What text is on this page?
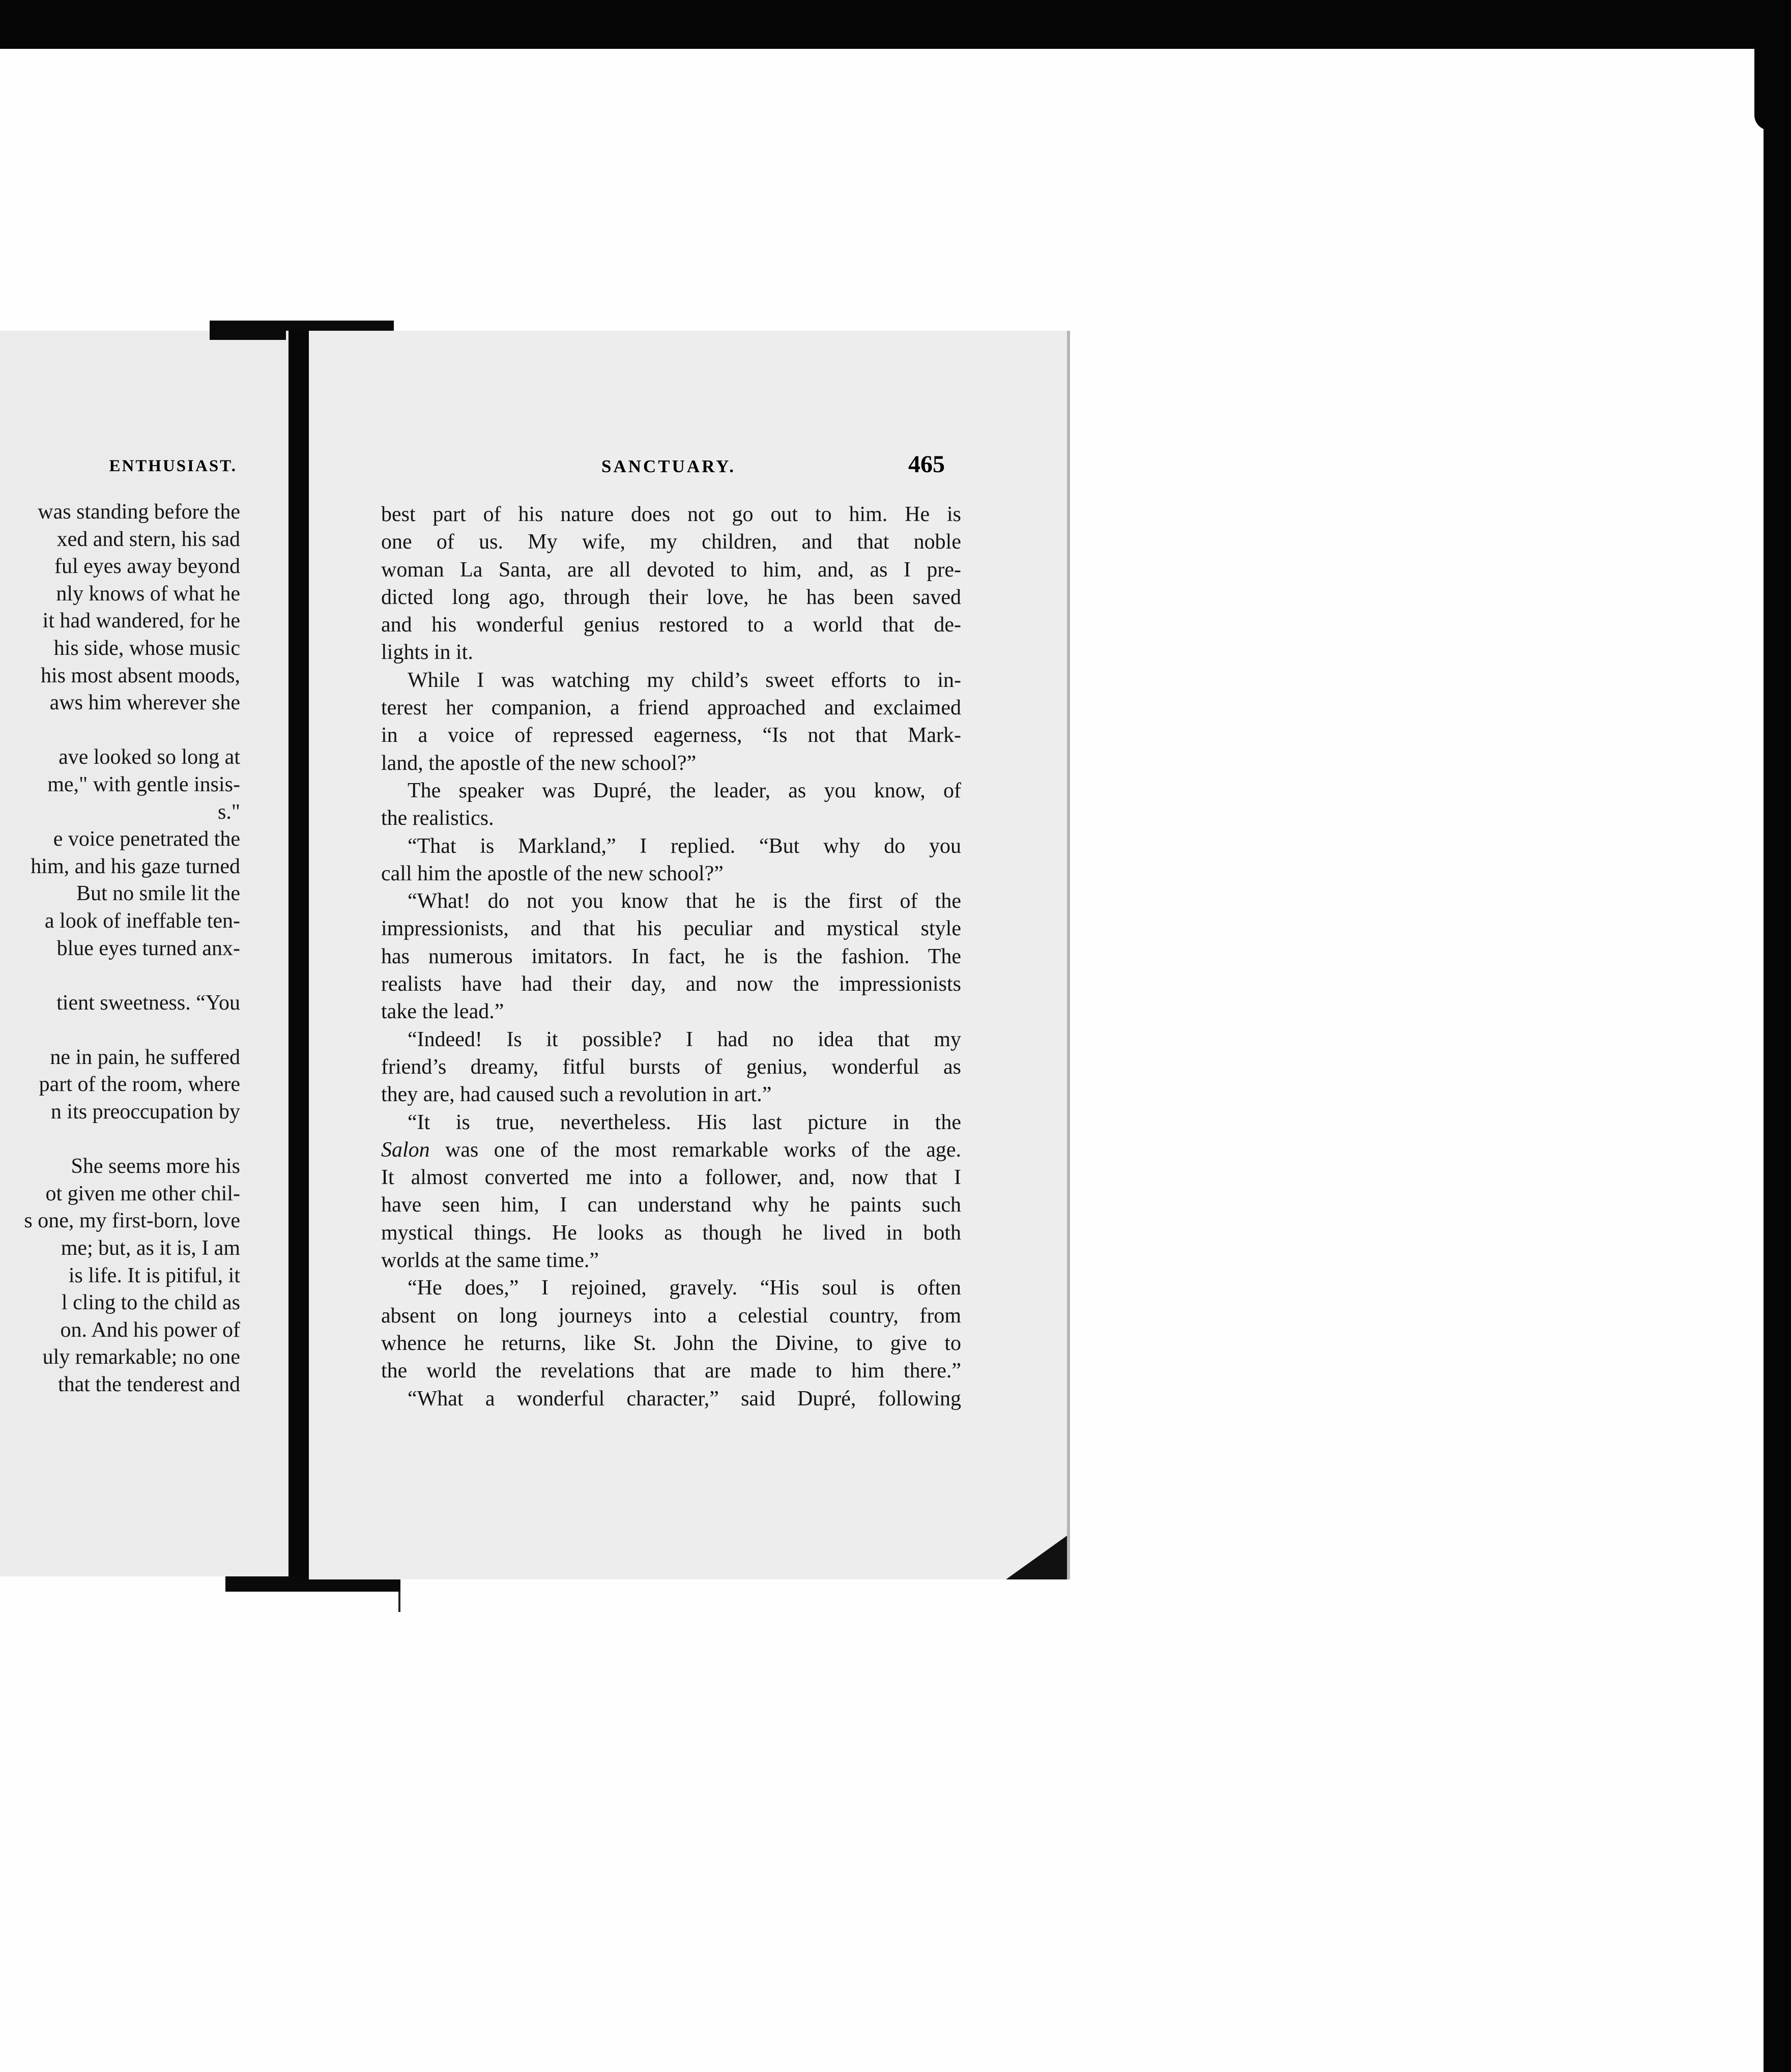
ENTHUSIAST.
was standing before the
xed and stern, his sad
ful eyes away beyond
nly knows of what he
it had wandered, for he
his side, whose music
his most absent moods,
aws him wherever she
ave looked so long at
me," with gentle insis-
s."
e voice penetrated the
him, and his gaze turned
But no smile lit the
a look of ineffable ten-
blue eyes turned anx-
tient sweetness. “You
ne in pain, he suffered
part of the room, where
n its preoccupation by
She seems more his
ot given me other chil-
s one, my first-born, love
me; but, as it is, I am
is life. It is pitiful, it
l cling to the child as
on. And his power of
uly remarkable; no one
that the tenderest and
SANCTUARY.	465
best part of his nature does not go out to him. He is
one of us. My wife, my children, and that noble
woman La Santa, are all devoted to him, and, as I pre-
dicted long ago, through their love, he has been saved
and his wonderful genius restored to a world that de-
lights in it.
While I was watching my child’s sweet efforts to in-
terest her companion, a friend approached and exclaimed
in a voice of repressed eagerness, “Is not that Mark-
land, the apostle of the new school?”
The speaker was Dupré, the leader, as you know, of
the realistics.
“That is Markland,” I replied. “But why do you
call him the apostle of the new school?”
“What! do not you know that he is the first of the
impressionists, and that his peculiar and mystical style
has numerous imitators. In fact, he is the fashion. The
realists have had their day, and now the impressionists
take the lead.”
“Indeed! Is it possible? I had no idea that my
friend’s dreamy, fitful bursts of genius, wonderful as
they are, had caused such a revolution in art.”
“It is true, nevertheless. His last picture in the
Salon was one of the most remarkable works of the age.
It almost converted me into a follower, and, now that I
have seen him, I can understand why he paints such
mystical things. He looks as though he lived in both
worlds at the same time.”
“He does,” I rejoined, gravely. “His soul is often
absent on long journeys into a celestial country, from
whence he returns, like St. John the Divine, to give to
the world the revelations that are made to him there.”
“What a wonderful character,” said Dupré, following
